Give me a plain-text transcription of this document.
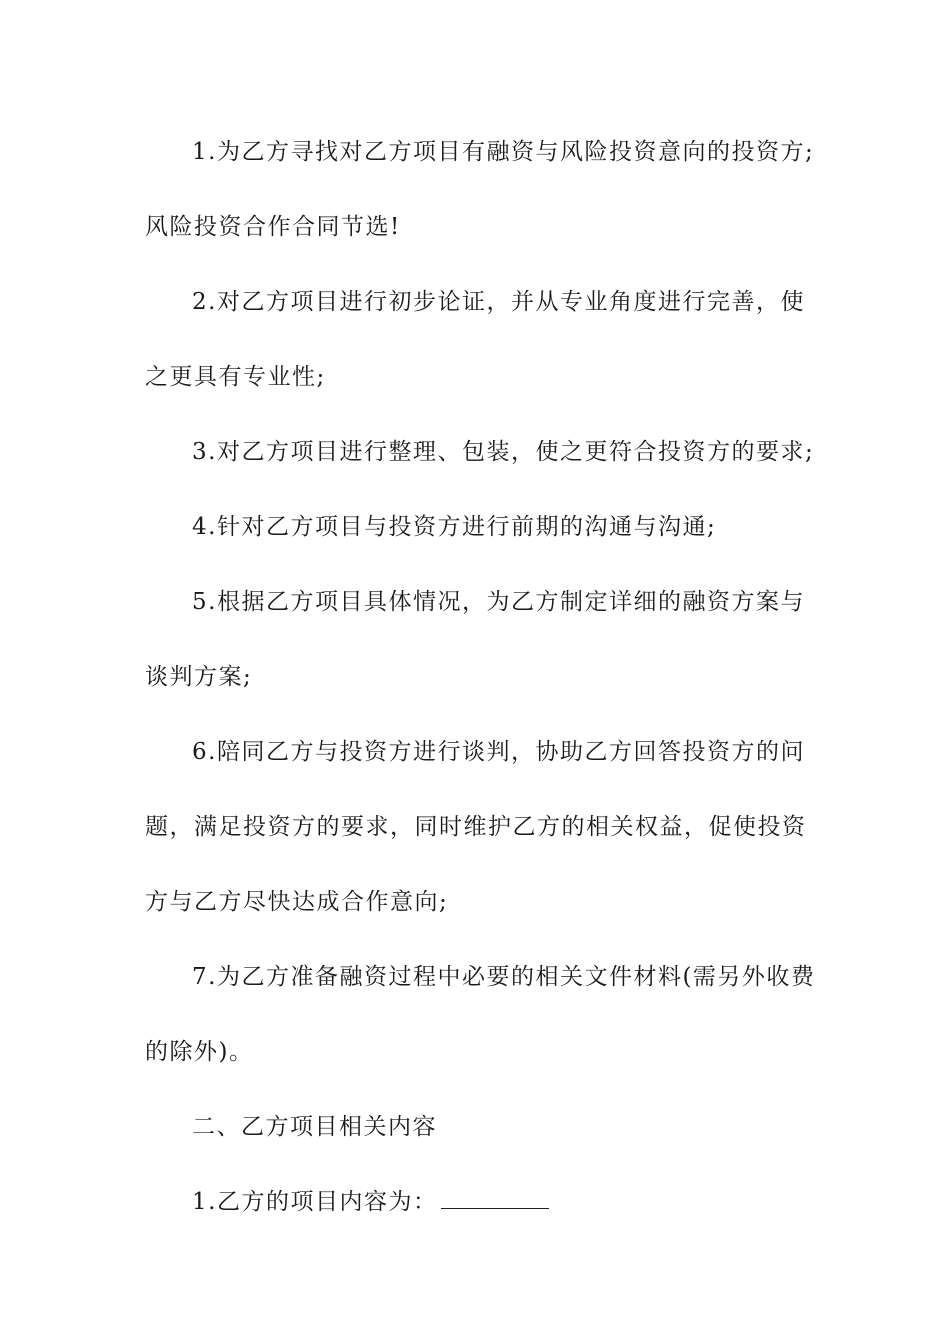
1.为乙方寻找对乙方项目有融资与风险投资意向的投资方;
风险投资合作合同节选!
2.对乙方项目进行初步论证，并从专业角度进行完善，使
之更具有专业性;
3.对乙方项目进行整理、包装，使之更符合投资方的要求;
4.针对乙方项目与投资方进行前期的沟通与沟通;
5.根据乙方项目具体情况，为乙方制定详细的融资方案与
谈判方案;
6.陪同乙方与投资方进行谈判，协助乙方回答投资方的问
题，满足投资方的要求，同时维护乙方的相关权益，促使投资
方与乙方尽快达成合作意向;
7.为乙方准备融资过程中必要的相关文件材料(需另外收费
的除外)。
二、乙方项目相关内容
1.乙方的项目内容为：
